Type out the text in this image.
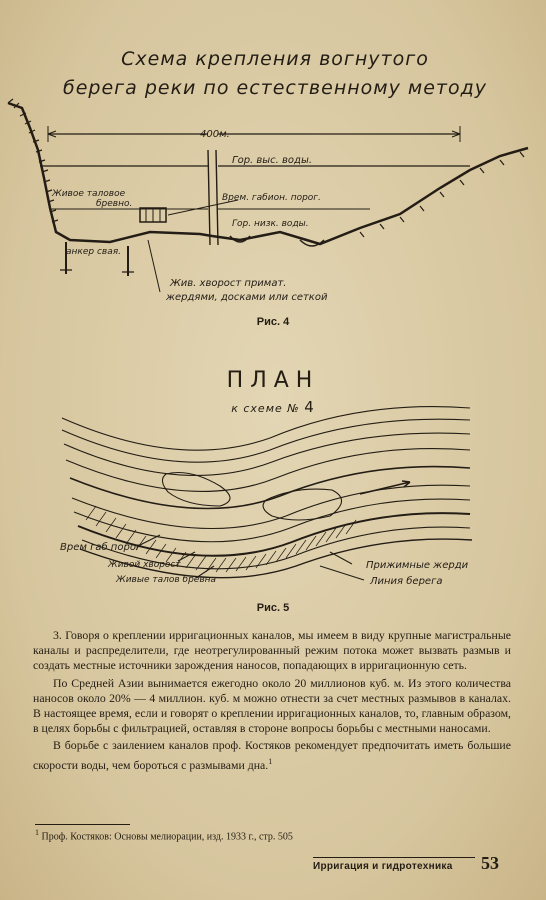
Схема крепления вогнутого
берега реки по естественному методу
400м.
Гор. выс. воды.
Врем. габион. порог.
Гор. низк. воды.
Живое таловое
бревно.
анкер свая.
Жив. хворост примат.
жердями, досками или сеткой
Рис. 4
ПЛАН
к схеме № 4
Врем габ порог
Живой хворост
Живые талов бревна
Прижимные жерди
Линия берега
Рис. 5

3. Говоря о креплении ирригационных каналов, мы имеем в виду крупные магистральные каналы и распределители, где неотрегулированный режим потока может вызвать размыв и создать местные источники зарождения наносов, попадающих в ирригационную сеть.

По Средней Азии вынимается ежегодно около 20 миллионов куб. м. Из этого количества наносов около 20% — 4 миллион. куб. м можно отнести за счет местных размывов в каналах. В настоящее время, если и говорят о креплении ирригационных каналов, то, главным образом, в целях борьбы с фильтрацией, оставляя в стороне вопросы борьбы с местными наносами.

В борьбе с заилением каналов проф. Костяков рекомендует предпочитать иметь большие скорости воды, чем бороться с размывами дна.$^1$

$^1$ Проф. Костяков: Основы мелиорации, изд. 1933 г., стр. 505
Ирригация и гидротехника 53
